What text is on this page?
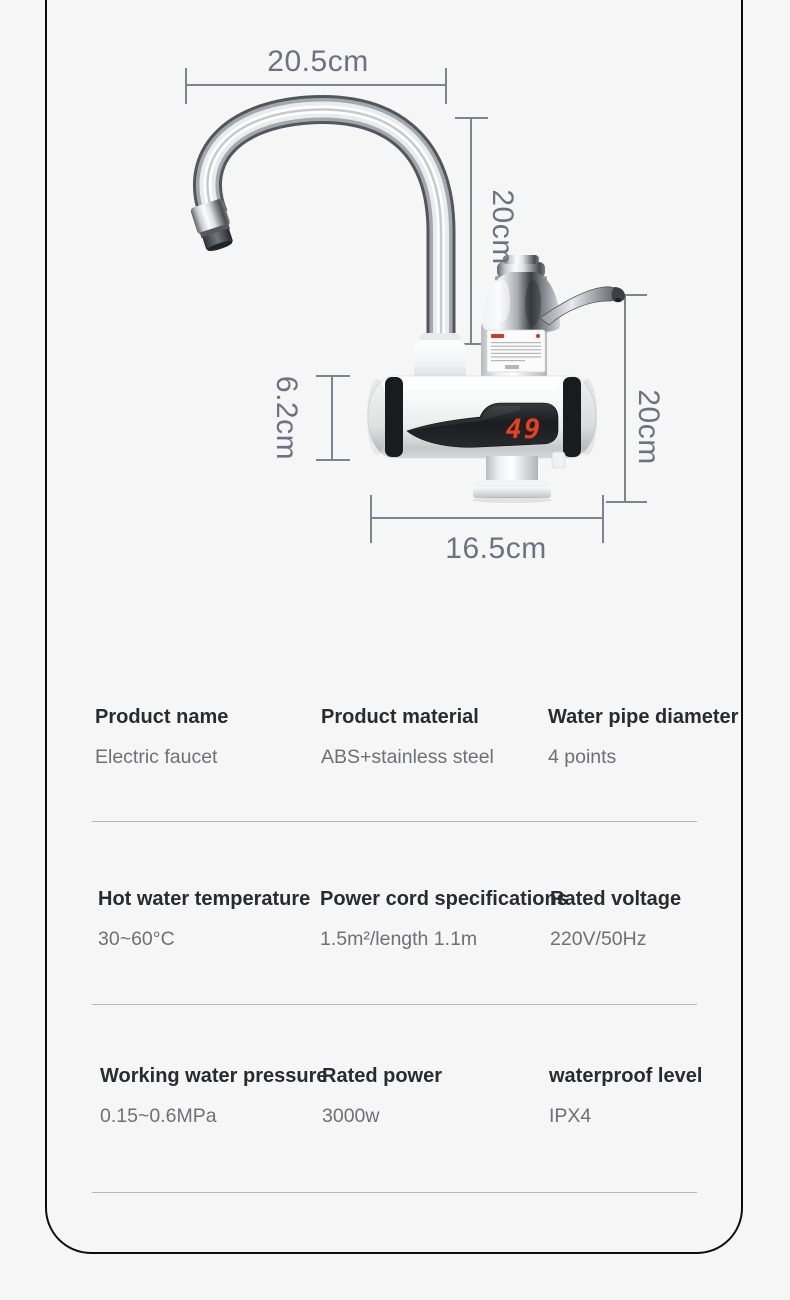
49
20.5cm
20cm
6.2cm	20cm
16.5cm
Product name
Electric faucet
Product material
ABS+stainless steel
Water pipe diameter
4 points
Hot water temperature
30~60°C
Power cord specifications
1.5m²/length 1.1m
Rated voltage
220V/50Hz
Working water pressure
0.15~0.6MPa
Rated power
3000w
waterproof level
IPX4
